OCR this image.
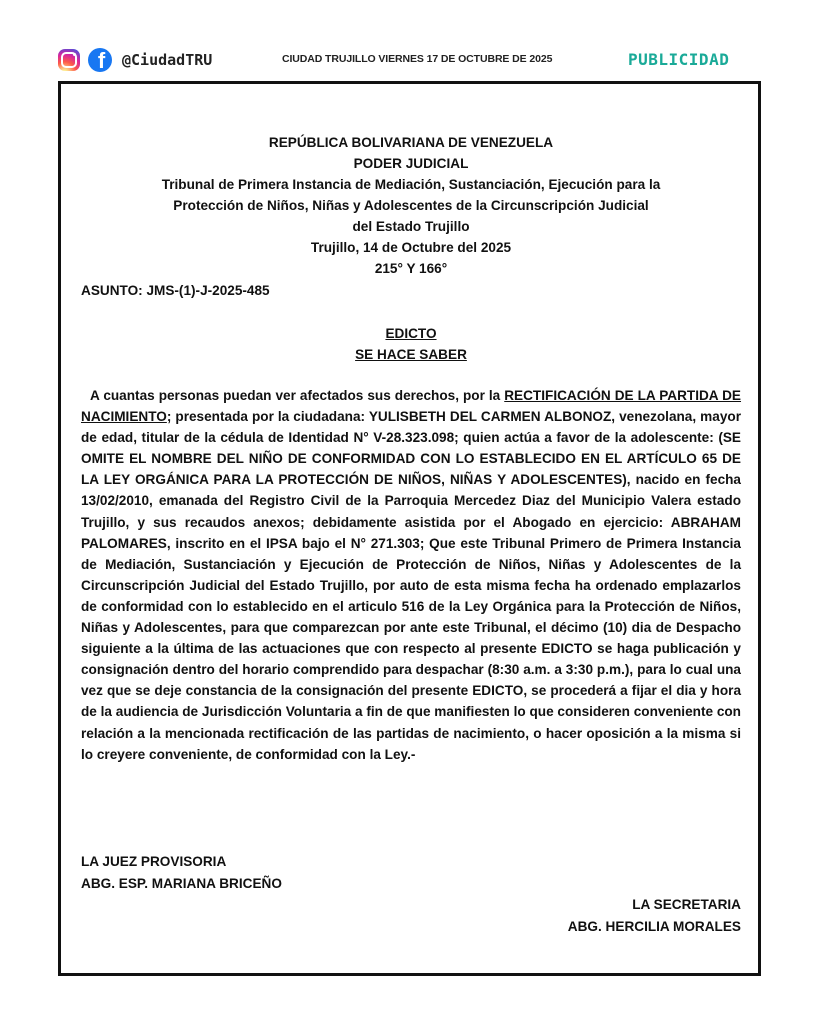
f @CiudadTRU	CIUDAD TRUJILLO VIERNES 17 DE OCTUBRE DE 2025	PUBLICIDAD
REPÚBLICA BOLIVARIANA DE VENEZUELA
PODER JUDICIAL
Tribunal de Primera Instancia de Mediación, Sustanciación, Ejecución para la
Protección de Niños, Niñas y Adolescentes de la Circunscripción Judicial
del Estado Trujillo
Trujillo, 14 de Octubre del 2025
215° Y 166°
ASUNTO: JMS-(1)-J-2025-485
EDICTO
SE HACE SABER
A cuantas personas puedan ver afectados sus derechos, por la RECTIFICACIÓN DE LA PARTIDA DE NACIMIENTO; presentada por la ciudadana: YULISBETH DEL CARMEN ALBONOZ, venezolana, mayor de edad, titular de la cédula de Identidad N° V-28.323.098; quien actúa a favor de la adolescente: (SE OMITE EL NOMBRE DEL NIÑO DE CONFORMIDAD CON LO ESTABLECIDO EN EL ARTÍCULO 65 DE LA LEY ORGÁNICA PARA LA PROTECCIÓN DE NIÑOS, NIÑAS Y ADOLESCENTES), nacido en fecha 13/02/2010, emanada del Registro Civil de la Parroquia Mercedez Diaz del Municipio Valera estado Trujillo, y sus recaudos anexos; debidamente asistida por el Abogado en ejercicio: ABRAHAM PALOMARES, inscrito en el IPSA bajo el N° 271.303; Que este Tribunal Primero de Primera Instancia de Mediación, Sustanciación y Ejecución de Protección de Niños, Niñas y Adolescentes de la Circunscripción Judicial del Estado Trujillo, por auto de esta misma fecha ha ordenado emplazarlos de conformidad con lo establecido en el articulo 516 de la Ley Orgánica para la Protección de Niños, Niñas y Adolescentes, para que comparezcan por ante este Tribunal, el décimo (10) dia de Despacho siguiente a la última de las actuaciones que con respecto al presente EDICTO se haga publicación y consignación dentro del horario comprendido para despachar (8:30 a.m. a 3:30 p.m.), para lo cual una vez que se deje constancia de la consignación del presente EDICTO, se procederá a fijar el dia y hora de la audiencia de Jurisdicción Voluntaria a fin de que manifiesten lo que consideren conveniente con relación a la mencionada rectificación de las partidas de nacimiento, o hacer oposición a la misma si lo creyere conveniente, de conformidad con la Ley.-
LA JUEZ PROVISORIA
ABG. ESP. MARIANA BRICEÑO
LA SECRETARIA
ABG. HERCILIA MORALES
